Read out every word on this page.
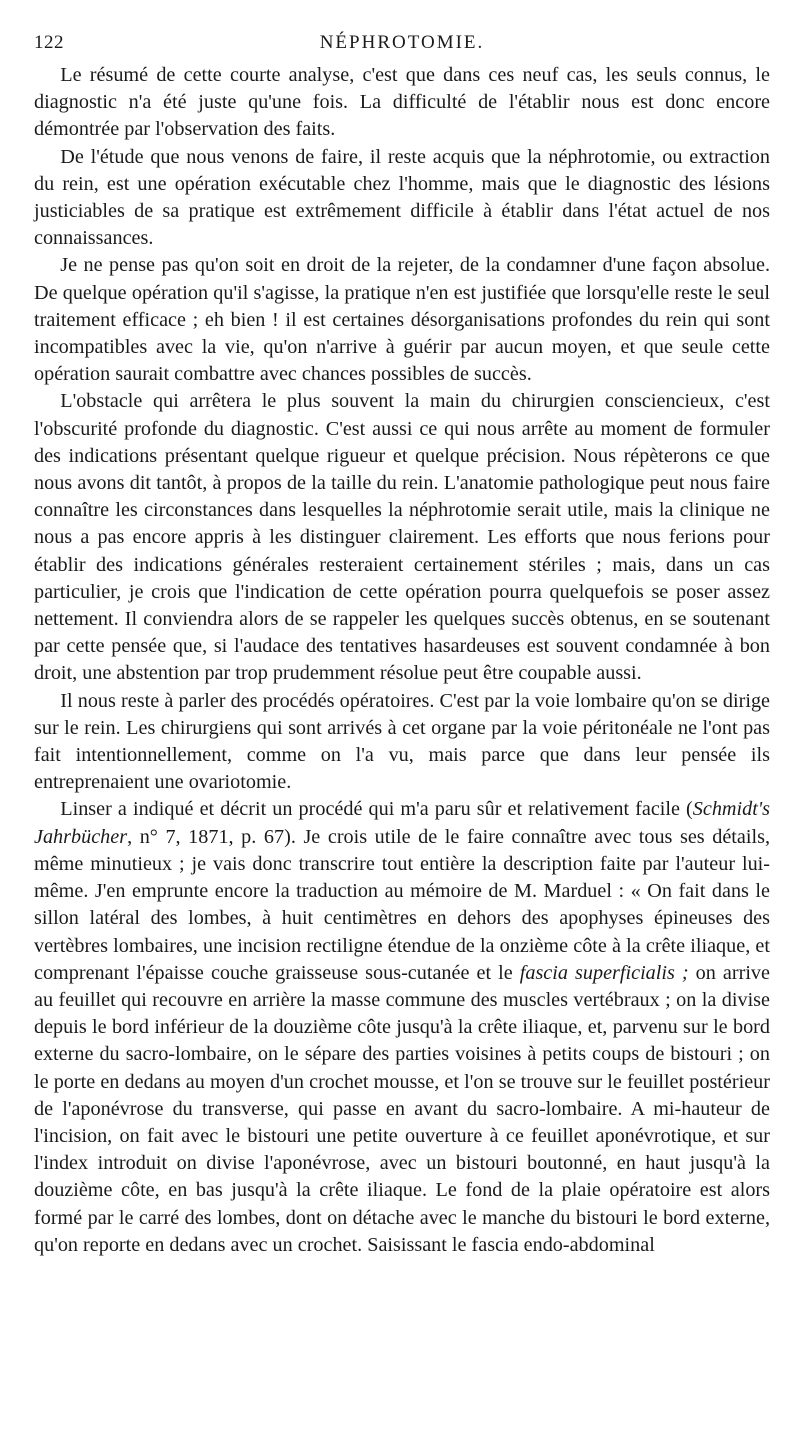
122	NÉPHROTOMIE.

Le résumé de cette courte analyse, c'est que dans ces neuf cas, les seuls connus, le diagnostic n'a été juste qu'une fois. La difficulté de l'établir nous est donc encore démontrée par l'observation des faits.

De l'étude que nous venons de faire, il reste acquis que la néphrotomie, ou extraction du rein, est une opération exécutable chez l'homme, mais que le diagnostic des lésions justiciables de sa pratique est extrêmement difficile à établir dans l'état actuel de nos connaissances.

Je ne pense pas qu'on soit en droit de la rejeter, de la condamner d'une façon absolue. De quelque opération qu'il s'agisse, la pratique n'en est justifiée que lorsqu'elle reste le seul traitement efficace ; eh bien ! il est certaines désorganisations profondes du rein qui sont incompatibles avec la vie, qu'on n'arrive à guérir par aucun moyen, et que seule cette opération saurait combattre avec chances possibles de succès.

L'obstacle qui arrêtera le plus souvent la main du chirurgien consciencieux, c'est l'obscurité profonde du diagnostic. C'est aussi ce qui nous arrête au moment de formuler des indications présentant quelque rigueur et quelque précision. Nous répèterons ce que nous avons dit tantôt, à propos de la taille du rein. L'anatomie pathologique peut nous faire connaître les circonstances dans lesquelles la néphrotomie serait utile, mais la clinique ne nous a pas encore appris à les distinguer clairement. Les efforts que nous ferions pour établir des indications générales resteraient certainement stériles ; mais, dans un cas particulier, je crois que l'indication de cette opération pourra quelquefois se poser assez nettement. Il conviendra alors de se rappeler les quelques succès obtenus, en se soutenant par cette pensée que, si l'audace des tentatives hasardeuses est souvent condamnée à bon droit, une abstention par trop prudemment résolue peut être coupable aussi.

Il nous reste à parler des procédés opératoires. C'est par la voie lombaire qu'on se dirige sur le rein. Les chirurgiens qui sont arrivés à cet organe par la voie péritonéale ne l'ont pas fait intentionnellement, comme on l'a vu, mais parce que dans leur pensée ils entreprenaient une ovariotomie.

Linser a indiqué et décrit un procédé qui m'a paru sûr et relativement facile (Schmidt's Jahrbücher, n° 7, 1871, p. 67). Je crois utile de le faire connaître avec tous ses détails, même minutieux ; je vais donc transcrire tout entière la description faite par l'auteur lui-même. J'en emprunte encore la traduction au mémoire de M. Marduel : « On fait dans le sillon latéral des lombes, à huit centimètres en dehors des apophyses épineuses des vertèbres lombaires, une incision rectiligne étendue de la onzième côte à la crête iliaque, et comprenant l'épaisse couche graisseuse sous-cutanée et le fascia superficialis ; on arrive au feuillet qui recouvre en arrière la masse commune des muscles vertébraux ; on la divise depuis le bord inférieur de la douzième côte jusqu'à la crête iliaque, et, parvenu sur le bord externe du sacro-lombaire, on le sépare des parties voisines à petits coups de bistouri ; on le porte en dedans au moyen d'un crochet mousse, et l'on se trouve sur le feuillet postérieur de l'aponévrose du transverse, qui passe en avant du sacro-lombaire. A mi-hauteur de l'incision, on fait avec le bistouri une petite ouverture à ce feuillet aponévrotique, et sur l'index introduit on divise l'aponévrose, avec un bistouri boutonné, en haut jusqu'à la douzième côte, en bas jusqu'à la crête iliaque. Le fond de la plaie opératoire est alors formé par le carré des lombes, dont on détache avec le manche du bistouri le bord externe, qu'on reporte en dedans avec un crochet. Saisissant le fascia endo-abdominal
